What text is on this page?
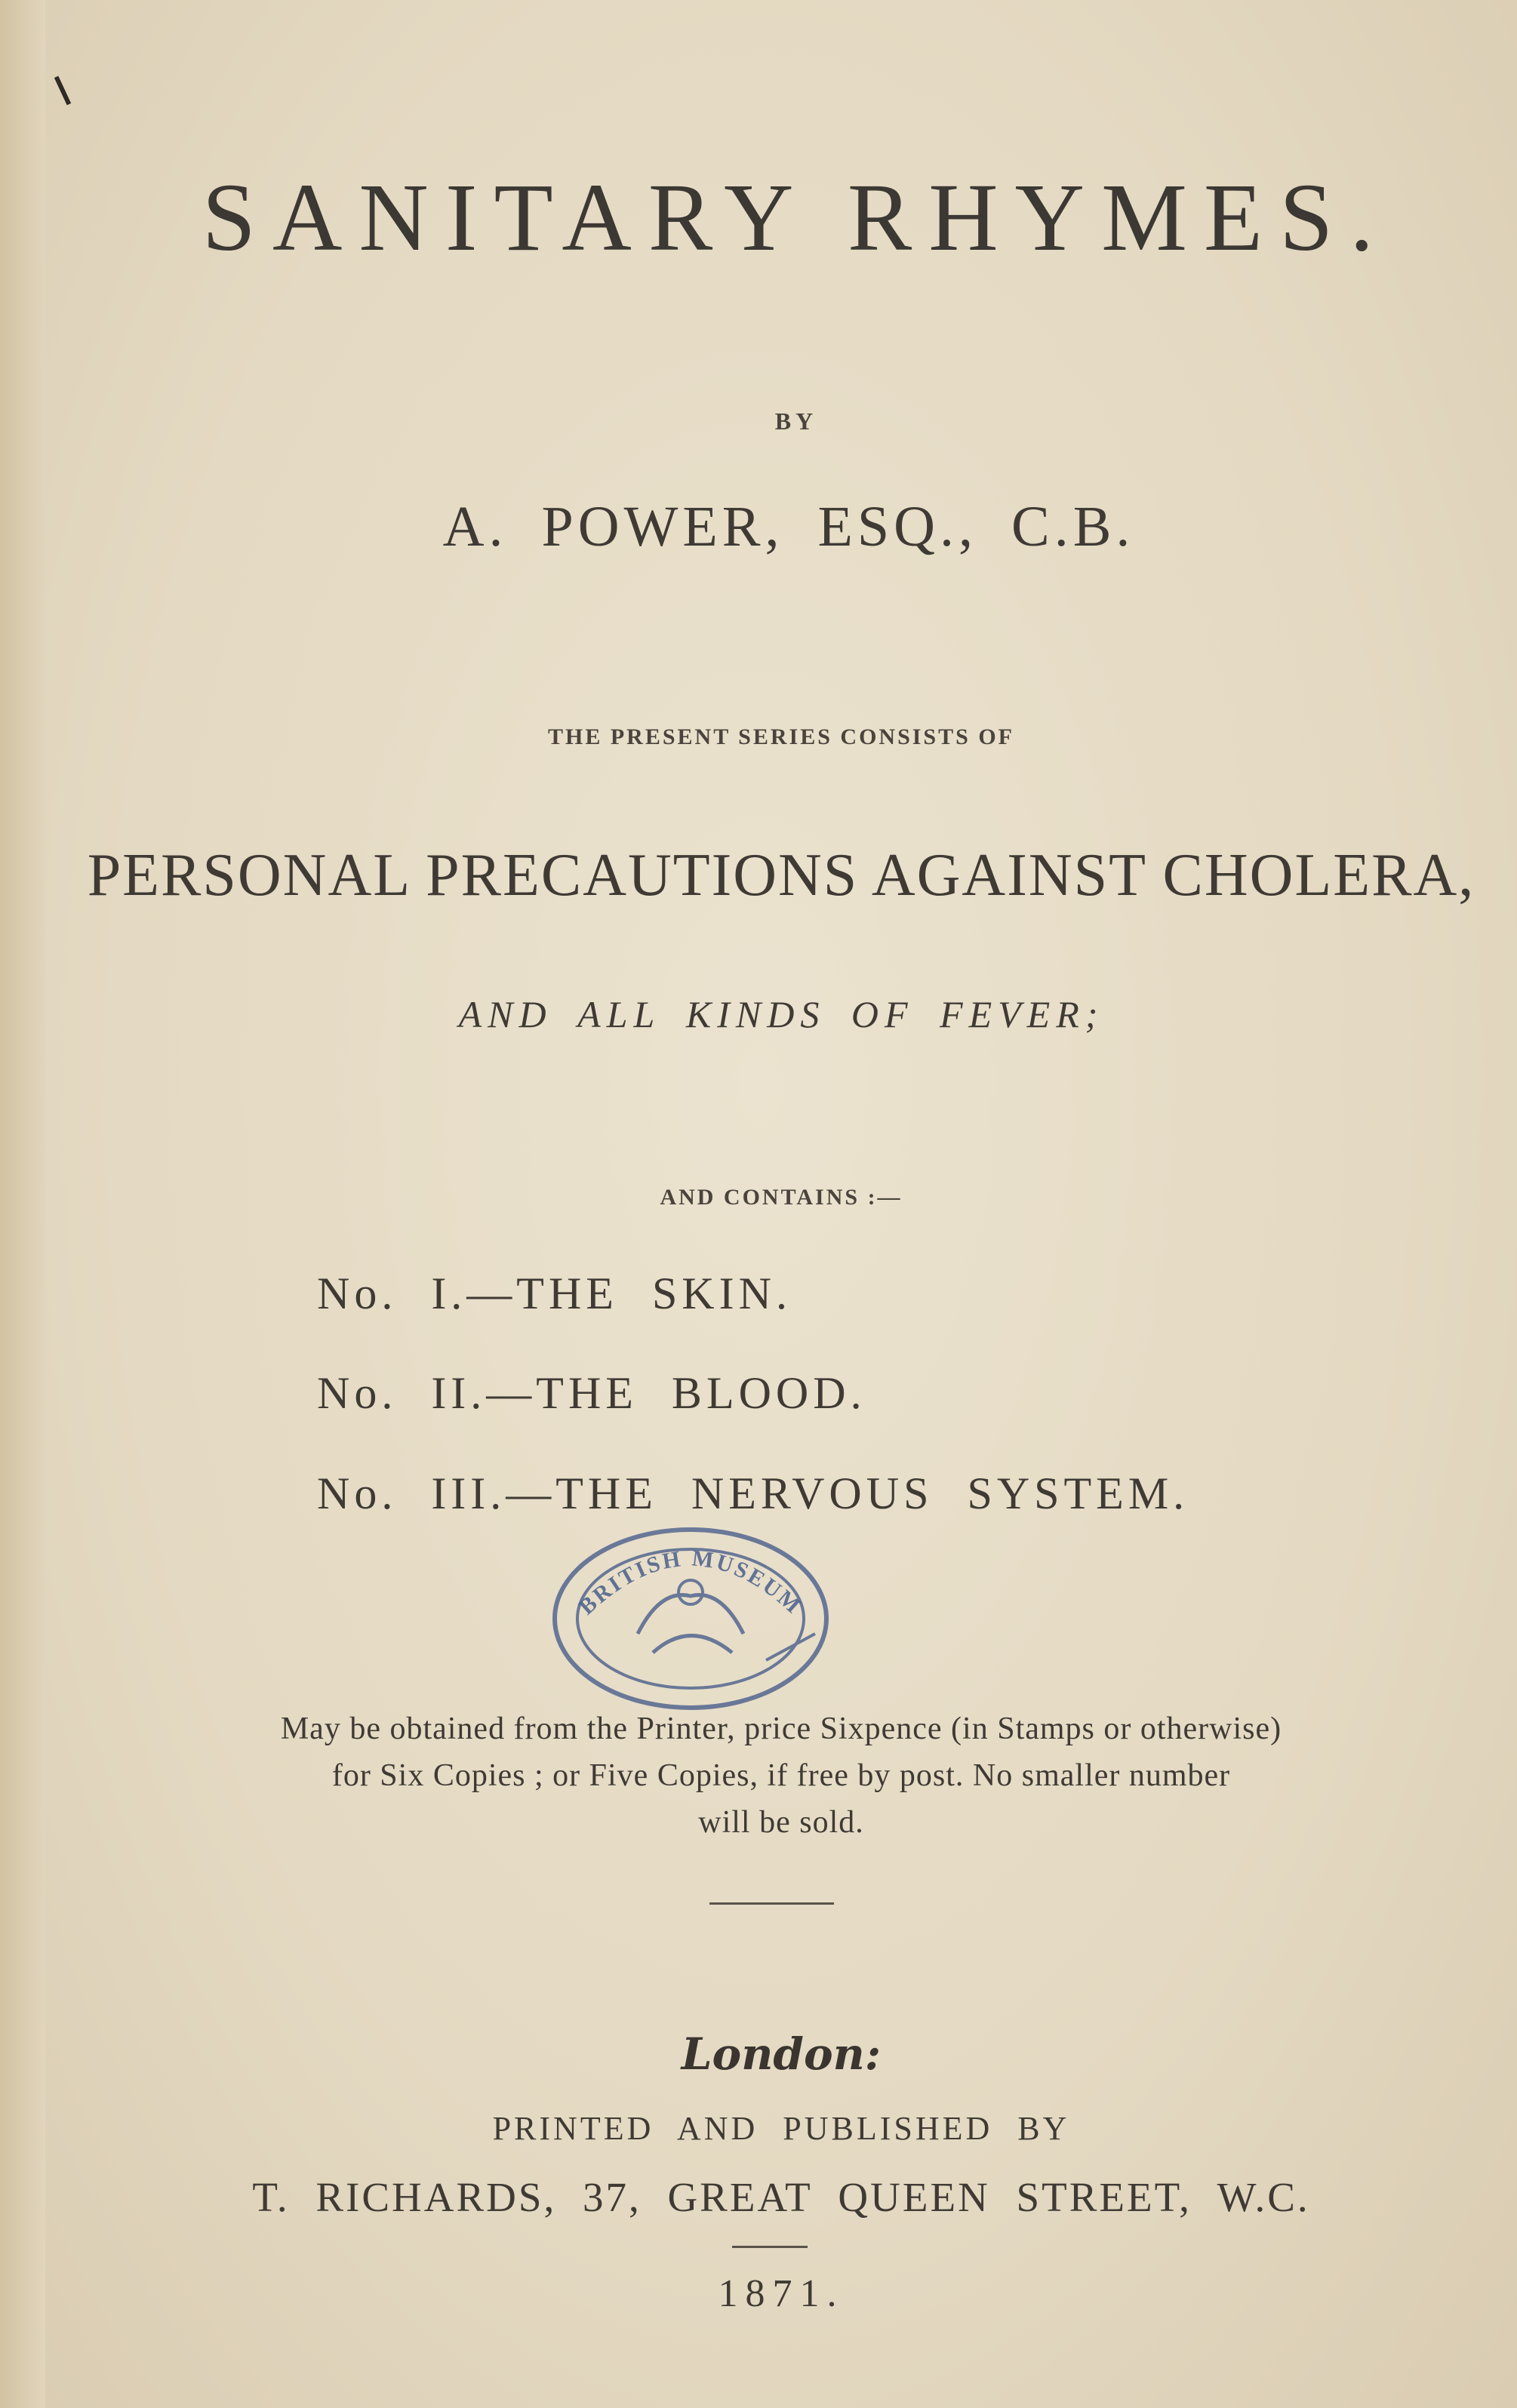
SANITARY RHYMES.
BY
A. POWER, ESQ., C.B.
THE PRESENT SERIES CONSISTS OF
PERSONAL PRECAUTIONS AGAINST CHOLERA,
AND ALL KINDS OF FEVER;
AND CONTAINS :—
No. I.—THE SKIN.
No. II.—THE BLOOD.
No. III.—THE NERVOUS SYSTEM.
BRITISH MUSEUM
May be obtained from the Printer, price Sixpence (in Stamps or otherwise)
for Six Copies ; or Five Copies, if free by post. No smaller number
will be sold.
London:
PRINTED AND PUBLISHED BY
T. RICHARDS, 37, GREAT QUEEN STREET, W.C.
1871.
